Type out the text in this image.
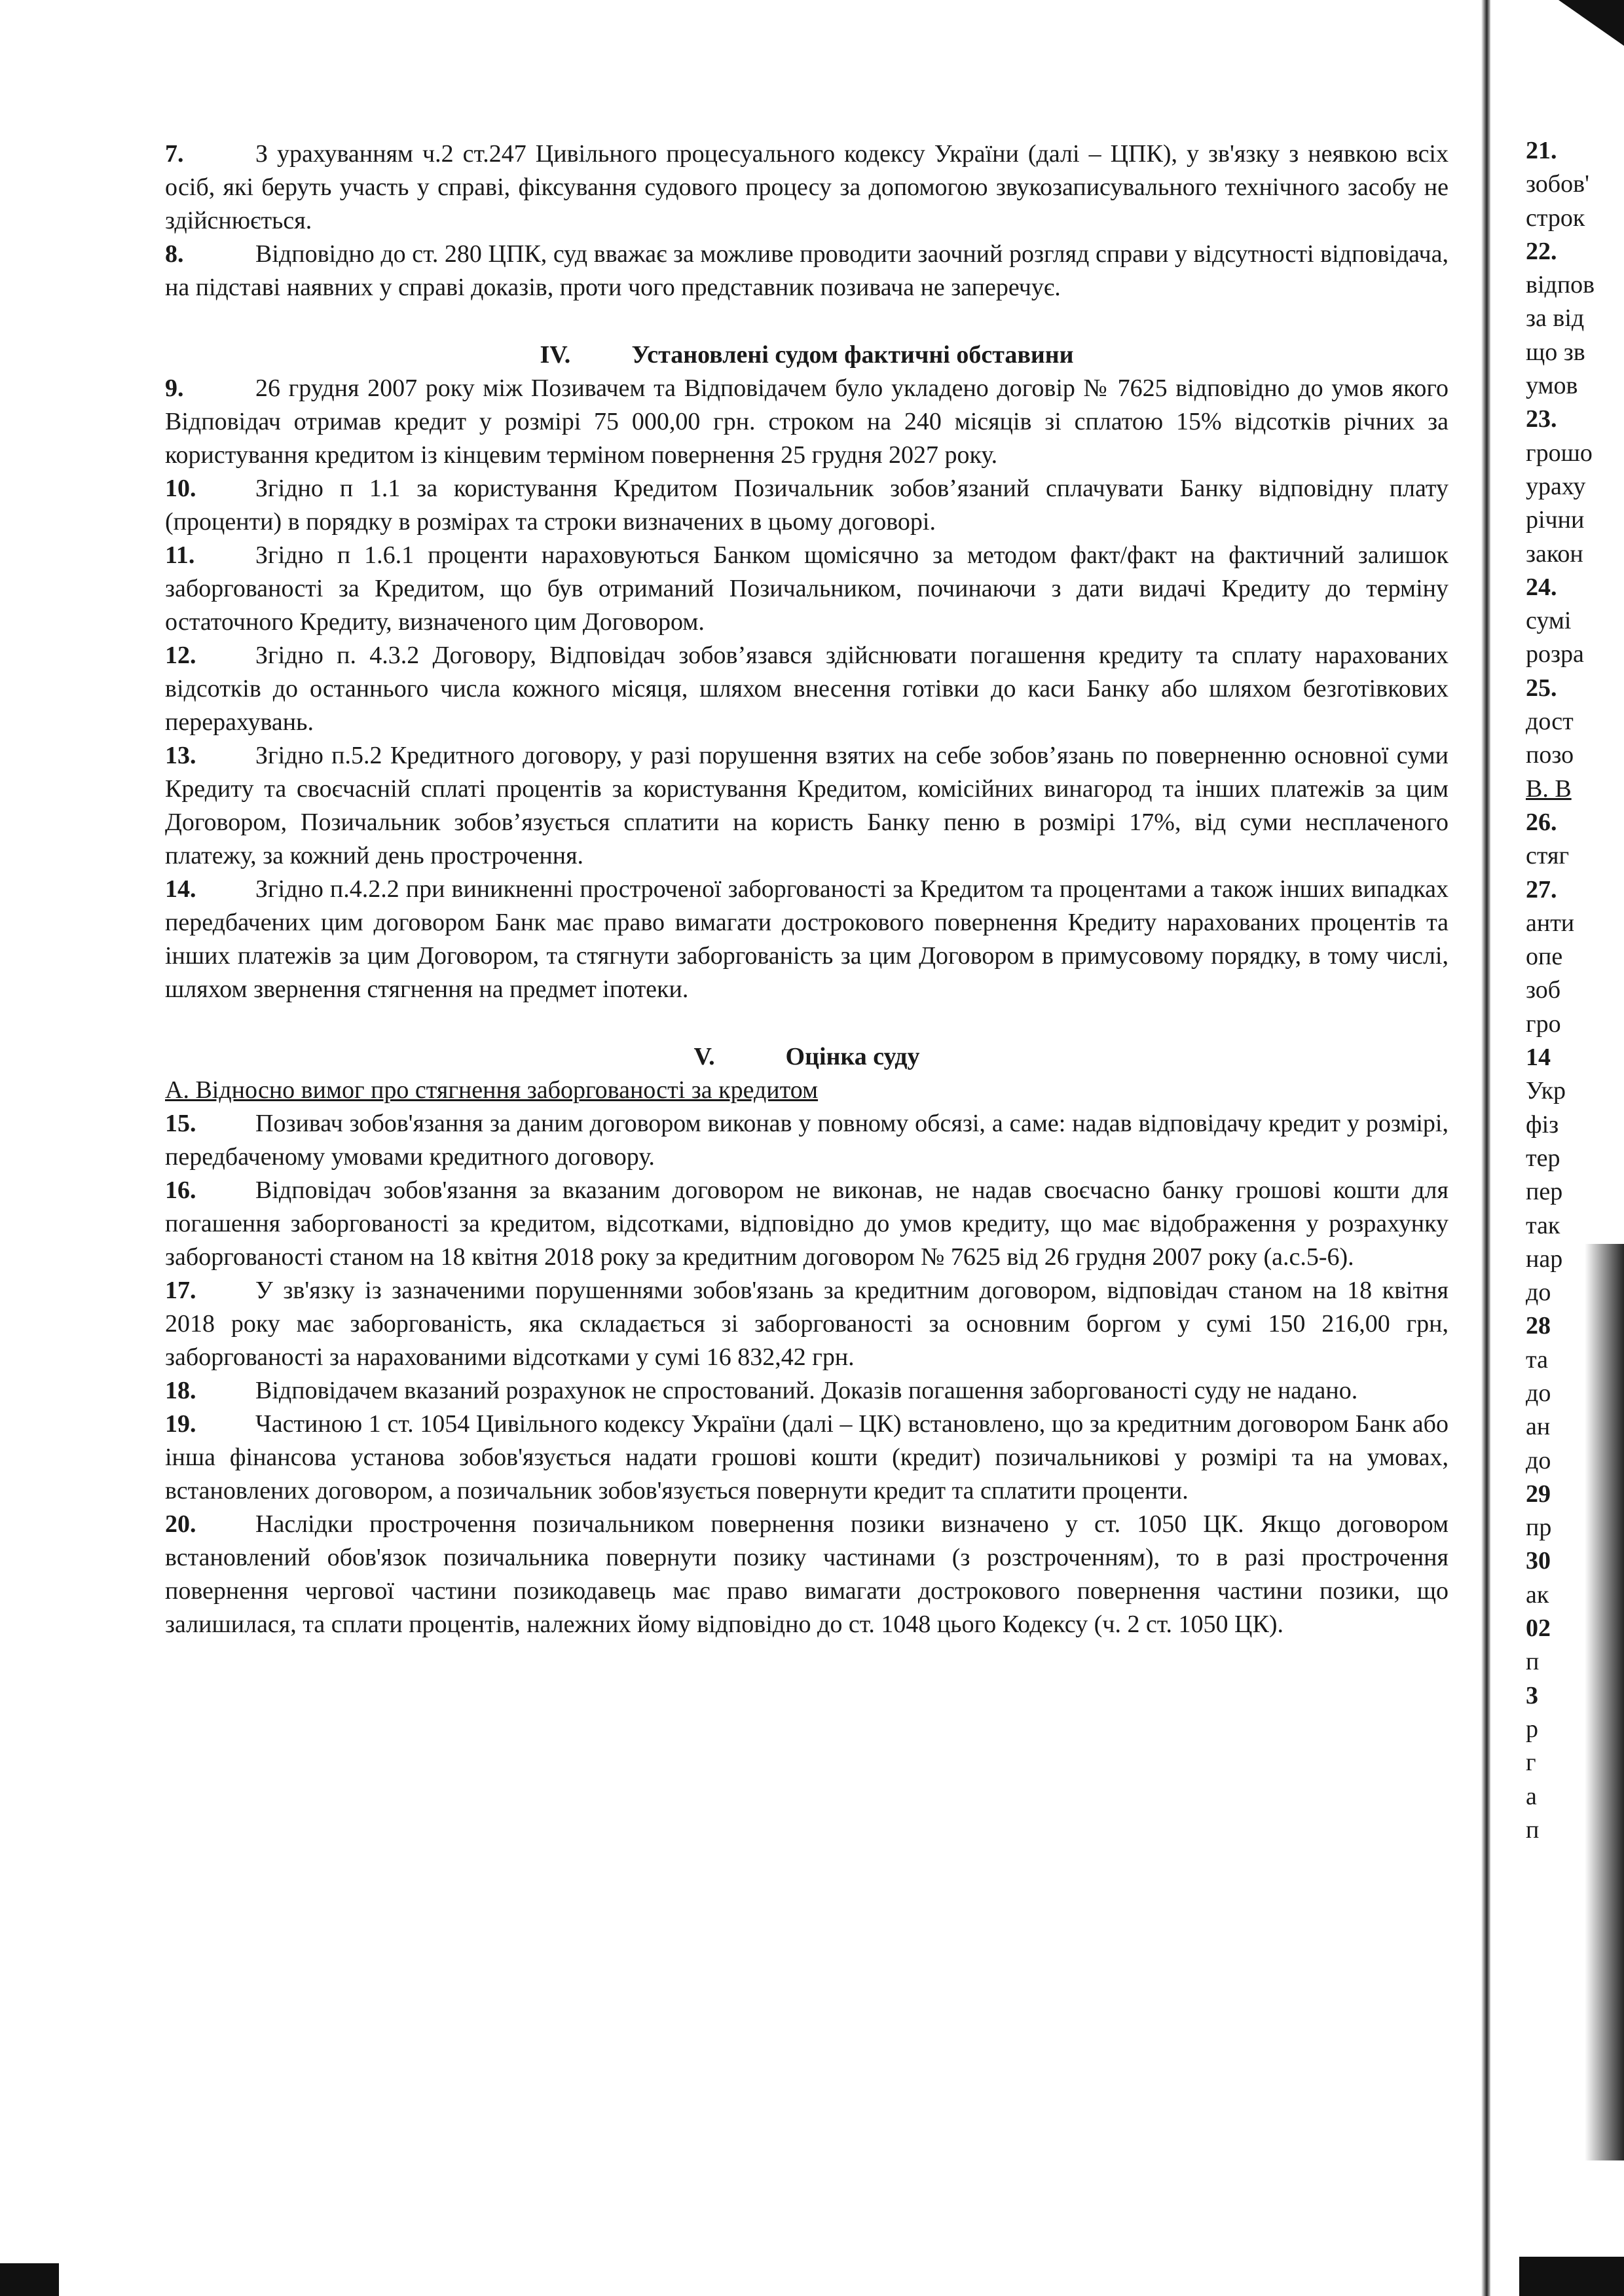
7.	З урахуванням ч.2 ст.247 Цивільного процесуального кодексу України (далі – ЦПК), у зв'язку з неявкою всіх осіб, які беруть участь у справі, фіксування судового процесу за допомогою звукозаписувального технічного засобу не здійснюється.

8.	Відповідно до ст. 280 ЦПК, суд вважає за можливе проводити заочний розгляд справи у відсутності відповідача, на підставі наявних у справі доказів, проти чого представник позивача не заперечує.

IV. Установлені судом фактичні обставини

9.	26 грудня 2007 року між Позивачем та Відповідачем було укладено договір № 7625 відповідно до умов якого Відповідач отримав кредит у розмірі 75 000,00 грн. строком на 240 місяців зі сплатою 15% відсотків річних за користування кредитом із кінцевим терміном повернення 25 грудня 2027 року.

10. Згідно п 1.1 за користування Кредитом Позичальник зобов’язаний сплачувати Банку відповідну плату (проценти) в порядку в розмірах та строки визначених в цьому договорі.

11. Згідно п 1.6.1 проценти нараховуються Банком щомісячно за методом факт/факт на фактичний залишок заборгованості за Кредитом, що був отриманий Позичальником, починаючи з дати видачі Кредиту до терміну остаточного Кредиту, визначеного цим Договором.

12. Згідно п. 4.3.2 Договору, Відповідач зобов’язався здійснювати погашення кредиту та сплату нарахованих відсотків до останнього числа кожного місяця, шляхом внесення готівки до каси Банку або шляхом безготівкових перерахувань.

13. Згідно п.5.2 Кредитного договору, у разі порушення взятих на себе зобов’язань по поверненню основної суми Кредиту та своєчасній сплаті процентів за користування Кредитом, комісійних винагород та інших платежів за цим Договором, Позичальник зобов’язується сплатити на користь Банку пеню в розмірі 17%, від суми несплаченого платежу, за кожний день прострочення.

14. Згідно п.4.2.2 при виникненні простроченої заборгованості за Кредитом та процентами а також інших випадках передбачених цим договором Банк має право вимагати дострокового повернення Кредиту нарахованих процентів та інших платежів за цим Договором, та стягнути заборгованість за цим Договором в примусовому порядку, в тому числі, шляхом звернення стягнення на предмет іпотеки.

V.	Оцінка суду

А. Відносно вимог про стягнення заборгованості за кредитом

15. Позивач зобов'язання за даним договором виконав у повному обсязі, а саме: надав відповідачу кредит у розмірі, передбаченому умовами кредитного договору.

16. Відповідач зобов'язання за вказаним договором не виконав, не надав своєчасно банку грошові кошти для погашення заборгованості за кредитом, відсотками, відповідно до умов кредиту, що має відображення у розрахунку заборгованості станом на 18 квітня 2018 року за кредитним договором № 7625 від 26 грудня 2007 року (а.с.5-6).

17. У зв'язку із зазначеними порушеннями зобов'язань за кредитним договором, відповідач станом на 18 квітня 2018 року має заборгованість, яка складається зі заборгованості за основним боргом у сумі 150 216,00 грн, заборгованості за нарахованими відсотками у сумі 16 832,42 грн.

18. Відповідачем вказаний розрахунок не спростований. Доказів погашення заборгованості суду не надано.

19. Частиною 1 ст. 1054 Цивільного кодексу України (далі – ЦК) встановлено, що за кредитним договором Банк або інша фінансова установа зобов'язується надати грошові кошти (кредит) позичальникові у розмірі та на умовах, встановлених договором, а позичальник зобов'язується повернути кредит та сплатити проценти.

20. Наслідки прострочення позичальником повернення позики визначено у ст. 1050 ЦК. Якщо договором встановлений обов'язок позичальника повернути позику частинами (з розстроченням), то в разі прострочення повернення чергової частини позикодавець має право вимагати дострокового повернення частини позики, що залишилася, та сплати процентів, належних йому відповідно до ст. 1048 цього Кодексу (ч. 2 ст. 1050 ЦК).

21.
зобов'
строк
22.
відпов
за від
що зв
умов
23.
грошо
ураху
річни
закон
24.
сумі
розра
25.
дост
позо
В. В
26.
стяг
27.
анти
опе
зоб
гро
14
Укр
фіз
тер
пер
так
нар
до
28
та
до
ан
до
29
пр
30
ак
02
п
3
р
г
а
п
